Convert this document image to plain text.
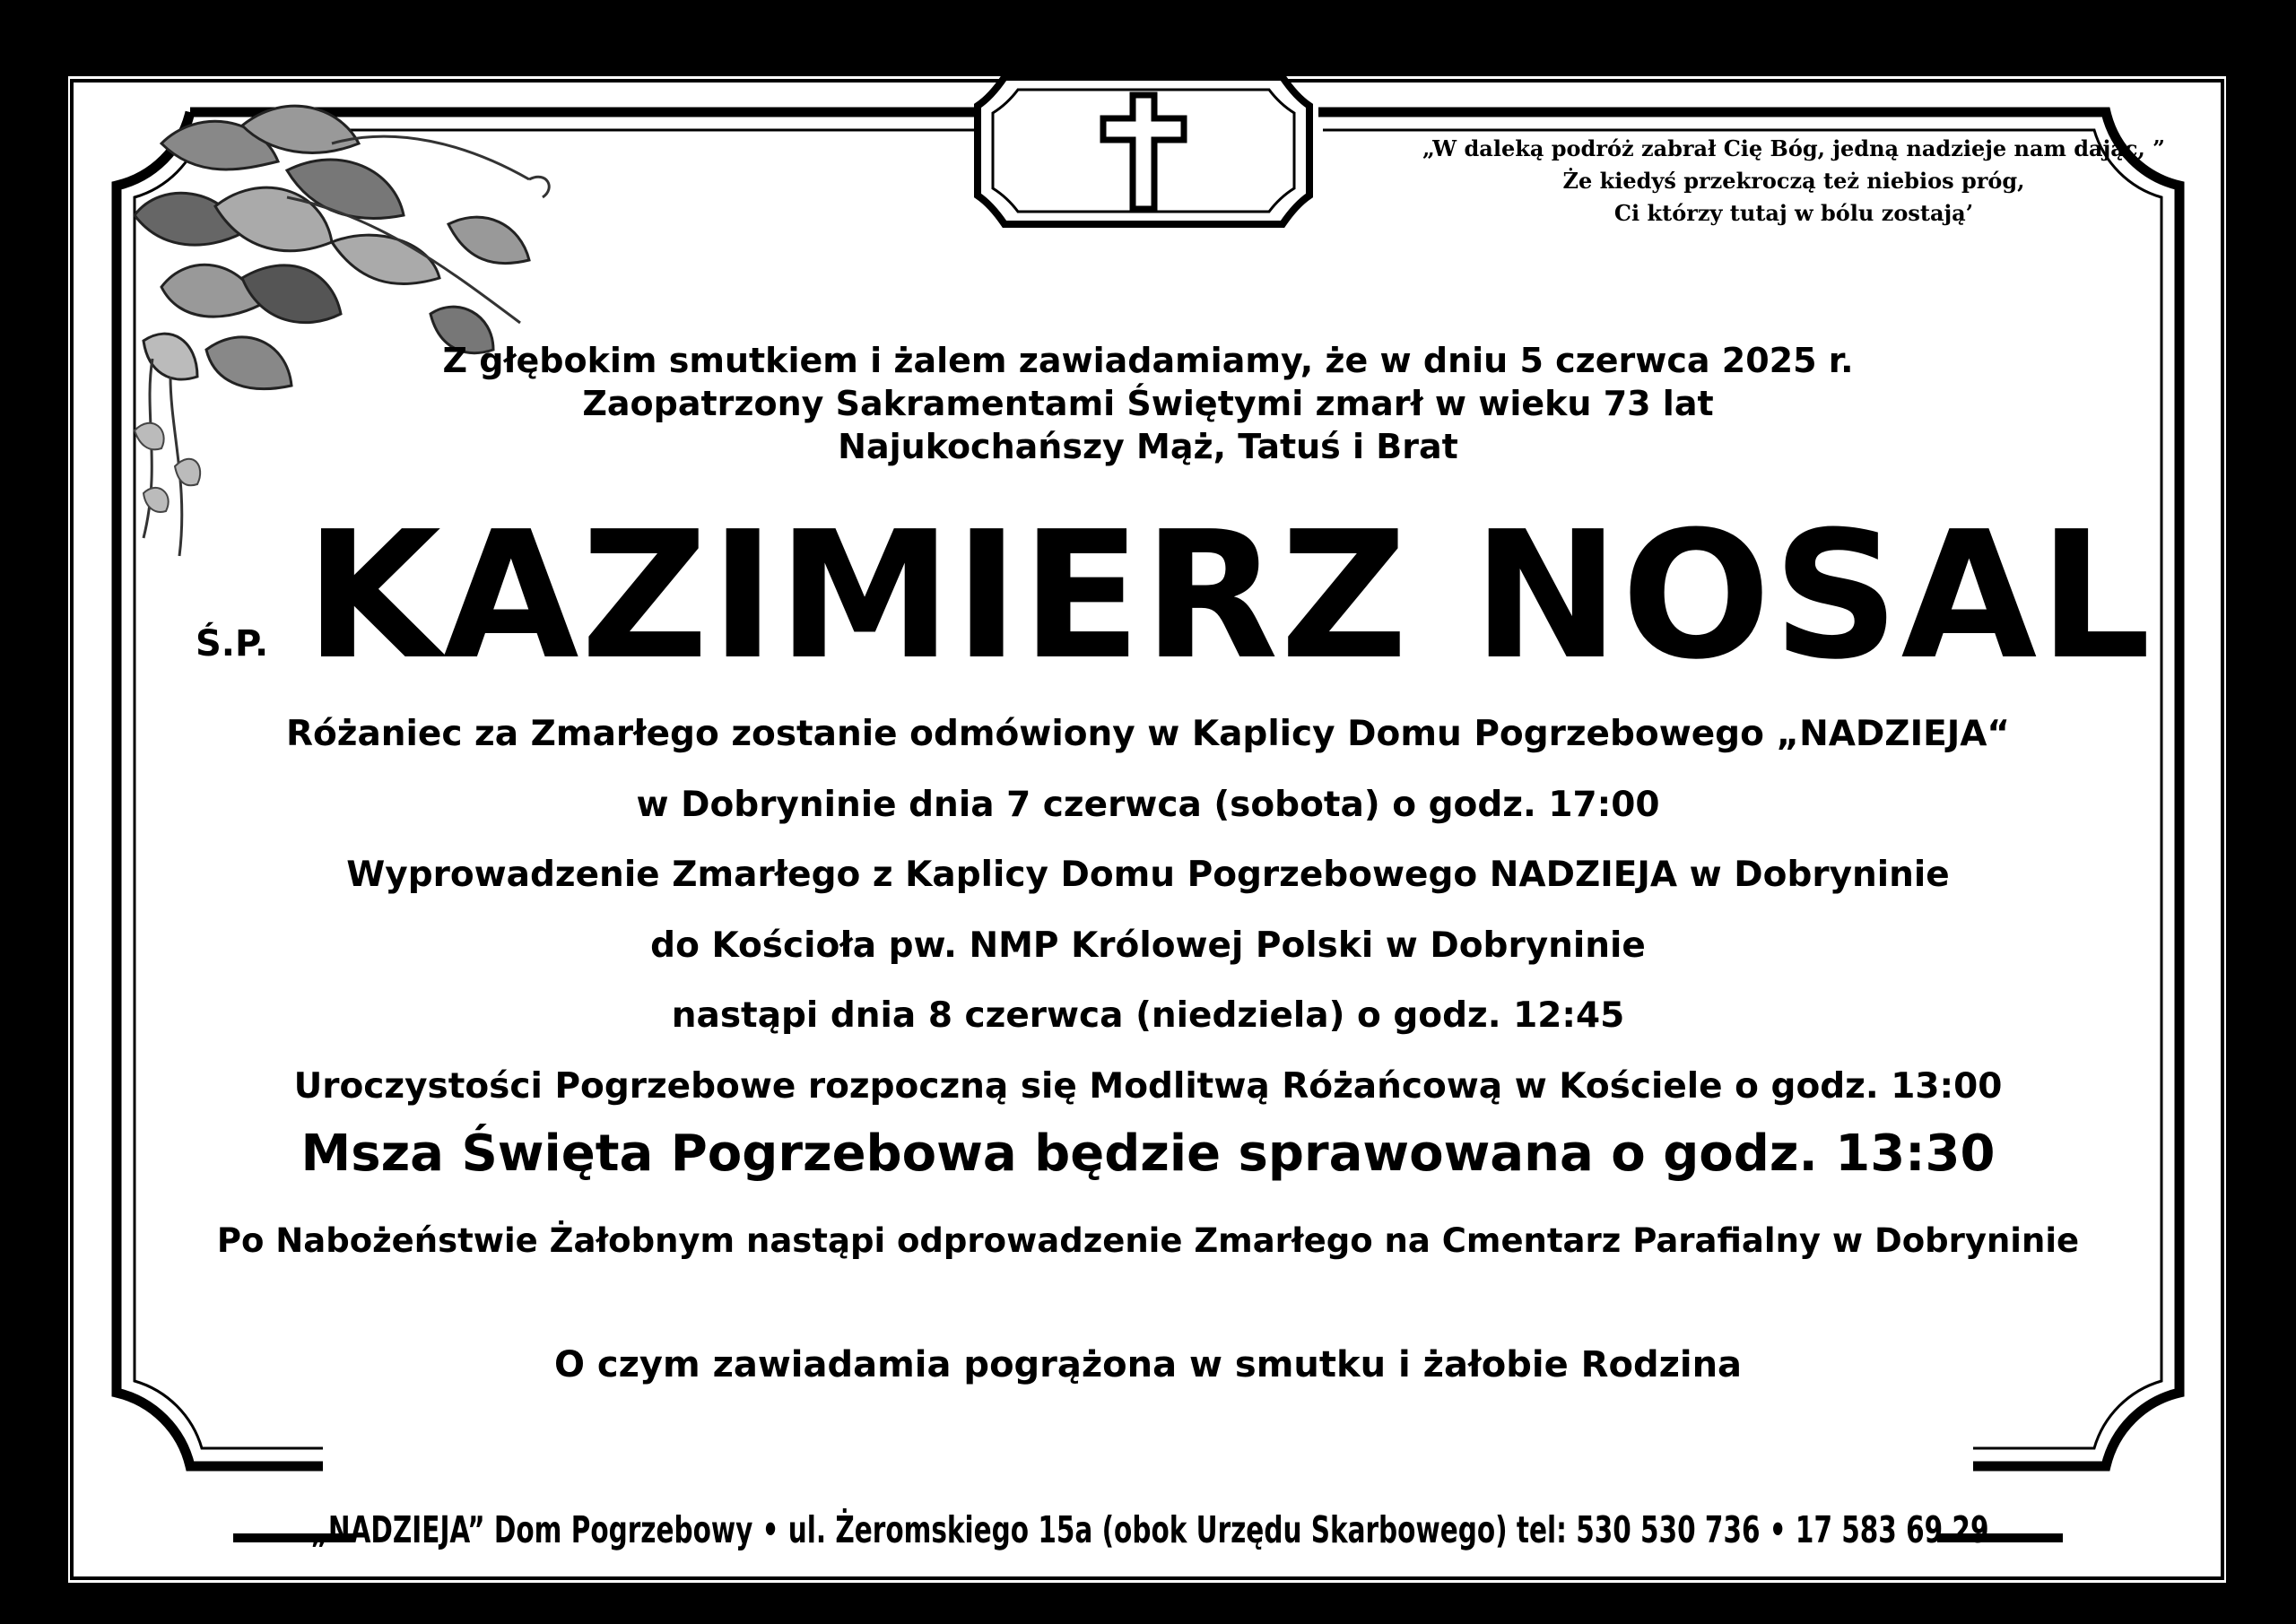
„W daleką podróż zabrał Cię Bóg, jedną nadzieje nam dając, ”
Że kiedyś przekroczą też niebios próg,
Ci którzy tutaj w bólu zostają’
Z głębokim smutkiem i żalem zawiadamiamy, że w dniu 5 czerwca 2025 r.
Zaopatrzony Sakramentami Świętymi zmarł w wieku 73 lat
Najukochańszy Mąż, Tatuś i Brat
Ś.P. KAZIMIERZ NOSAL
Różaniec za Zmarłego zostanie odmówiony w Kaplicy Domu Pogrzebowego „NADZIEJA“
w Dobryninie dnia 7 czerwca (sobota) o godz. 17:00
Wyprowadzenie Zmarłego z Kaplicy Domu Pogrzebowego NADZIEJA w Dobryninie
do Kościoła pw. NMP Królowej Polski w Dobryninie
nastąpi dnia 8 czerwca (niedziela) o godz. 12:45
Uroczystości Pogrzebowe rozpoczną się Modlitwą Różańcową w Kościele o godz. 13:00
Msza Święta Pogrzebowa będzie sprawowana o godz. 13:30
Po Nabożeństwie Żałobnym nastąpi odprowadzenie Zmarłego na Cmentarz Parafialny w Dobryninie
O czym zawiadamia pogrążona w smutku i żałobie Rodzina
„NADZIEJA” Dom Pogrzebowy • ul. Żeromskiego 15a (obok Urzędu Skarbowego) tel: 530 530 736 • 17 583 69 29
